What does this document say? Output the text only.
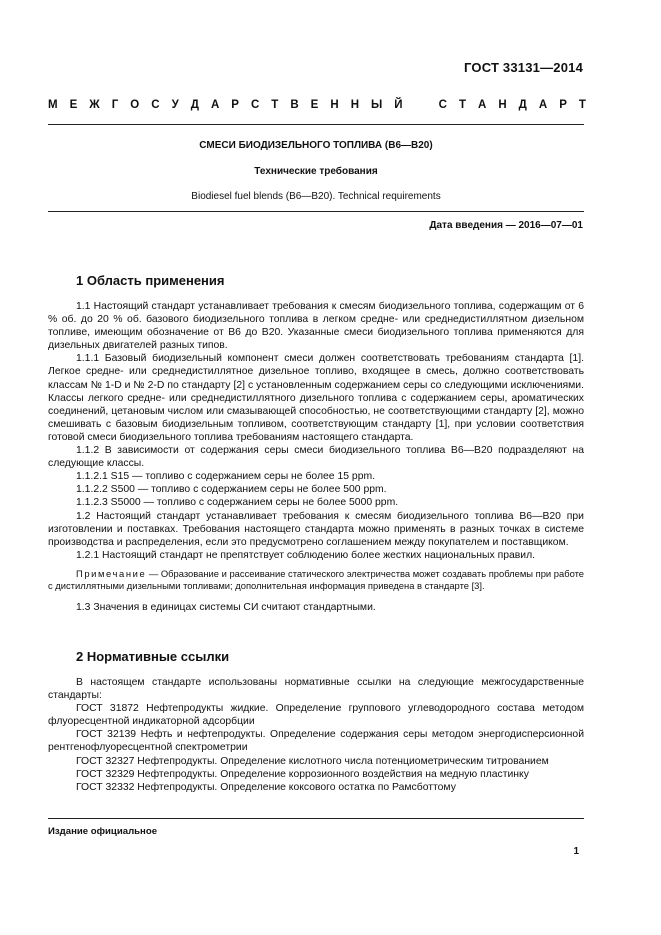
ГОСТ 33131—2014
М Е Ж Г О С У Д А Р С Т В Е Н Н Ы Й	С Т А Н Д А Р Т
СМЕСИ БИОДИЗЕЛЬНОГО ТОПЛИВА (В6—В20)
Технические требования
Biodiesel fuel blends (B6—B20). Technical requirements
Дата введения — 2016—07—01
1 Область применения

1.1 Настоящий стандарт устанавливает требования к смесям биодизельного топлива, содержащим от 6 % об. до 20 % об. базового биодизельного топлива в легком средне- или среднедистиллятном дизельном топливе, имеющим обозначение от В6 до В20. Указанные смеси биодизельного топлива применяются для дизельных двигателей разных типов.

1.1.1 Базовый биодизельный компонент смеси должен соответствовать требованиям стандарта [1]. Легкое средне- или среднедистиллятное дизельное топливо, входящее в смесь, должно соответствовать классам № 1-D и № 2-D по стандарту [2] с установленным содержанием серы со следующими исключениями. Классы легкого средне- или среднедистиллятного дизельного топлива с содержанием серы, ароматических соединений, цетановым числом или смазывающей способностью, не соответствующими стандарту [2], можно смешивать с базовым биодизельным топливом, соответствующим стандарту [1], при условии соответствия готовой смеси биодизельного топлива требованиям настоящего стандарта.

1.1.2 В зависимости от содержания серы смеси биодизельного топлива В6—В20 подразделяют на следующие классы.

1.1.2.1 S15 — топливо с содержанием серы не более 15 ppm.

1.1.2.2 S500 — топливо с содержанием серы не более 500 ppm.

1.1.2.3 S5000 — топливо с содержанием серы не более 5000 ppm.

1.2 Настоящий стандарт устанавливает требования к смесям биодизельного топлива В6—В20 при изготовлении и поставках. Требования настоящего стандарта можно применять в разных точках в системе производства и распределения, если это предусмотрено соглашением между покупателем и поставщиком.

1.2.1 Настоящий стандарт не препятствует соблюдению более жестких национальных правил.

Примечание — Образование и рассеивание статического электричества может создавать проблемы при работе с дистиллятными дизельными топливами; дополнительная информация приведена в стандарте [3].

1.3 Значения в единицах системы СИ считают стандартными.

2 Нормативные ссылки

В настоящем стандарте использованы нормативные ссылки на следующие межгосударственные стандарты:

ГОСТ 31872 Нефтепродукты жидкие. Определение группового углеводородного состава методом флуоресцентной индикаторной адсорбции

ГОСТ 32139 Нефть и нефтепродукты. Определение содержания серы методом энергодисперсионной рентгенофлуоресцентной спектрометрии

ГОСТ 32327 Нефтепродукты. Определение кислотного числа потенциометрическим титрованием

ГОСТ 32329 Нефтепродукты. Определение коррозионного воздействия на медную пластинку

ГОСТ 32332 Нефтепродукты. Определение коксового остатка по Рамсботтому

Издание официальное
1
